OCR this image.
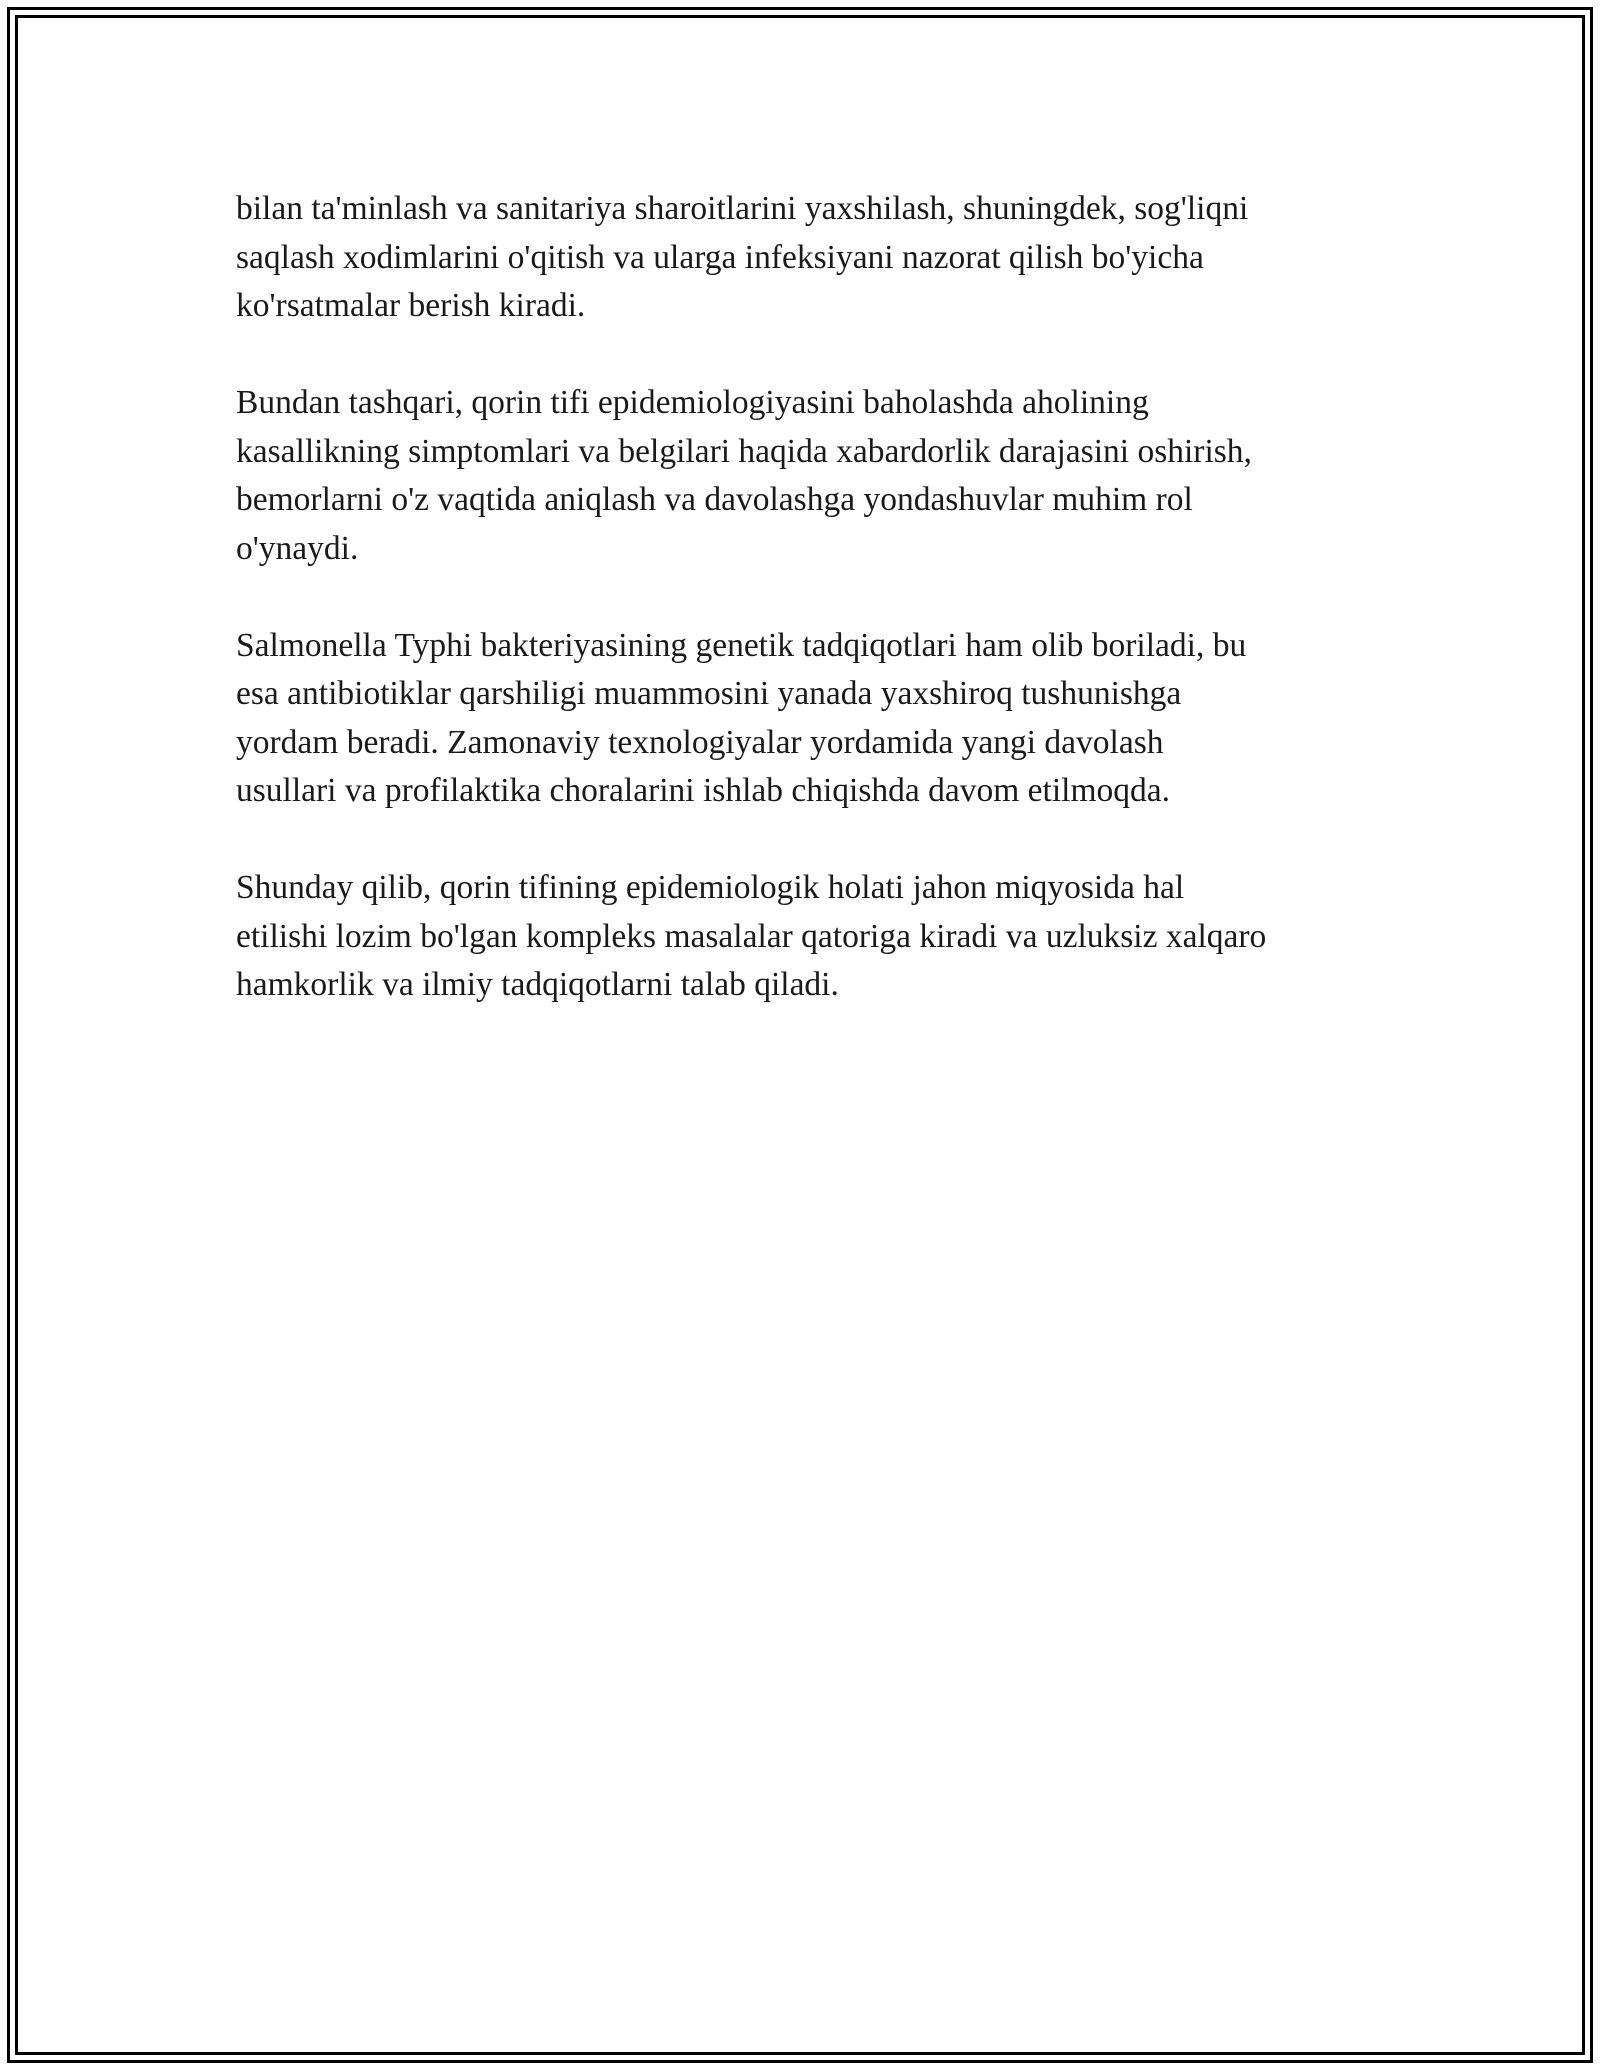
bilan ta'minlash va sanitariya sharoitlarini yaxshilash, shuningdek, sog'liqni
saqlash xodimlarini o'qitish va ularga infeksiyani nazorat qilish bo'yicha
ko'rsatmalar berish kiradi.

Bundan tashqari, qorin tifi epidemiologiyasini baholashda aholining
kasallikning simptomlari va belgilari haqida xabardorlik darajasini oshirish,
bemorlarni o'z vaqtida aniqlash va davolashga yondashuvlar muhim rol
o'ynaydi.

Salmonella Typhi bakteriyasining genetik tadqiqotlari ham olib boriladi, bu
esa antibiotiklar qarshiligi muammosini yanada yaxshiroq tushunishga
yordam beradi. Zamonaviy texnologiyalar yordamida yangi davolash
usullari va profilaktika choralarini ishlab chiqishda davom etilmoqda.

Shunday qilib, qorin tifining epidemiologik holati jahon miqyosida hal
etilishi lozim bo'lgan kompleks masalalar qatoriga kiradi va uzluksiz xalqaro
hamkorlik va ilmiy tadqiqotlarni talab qiladi.
